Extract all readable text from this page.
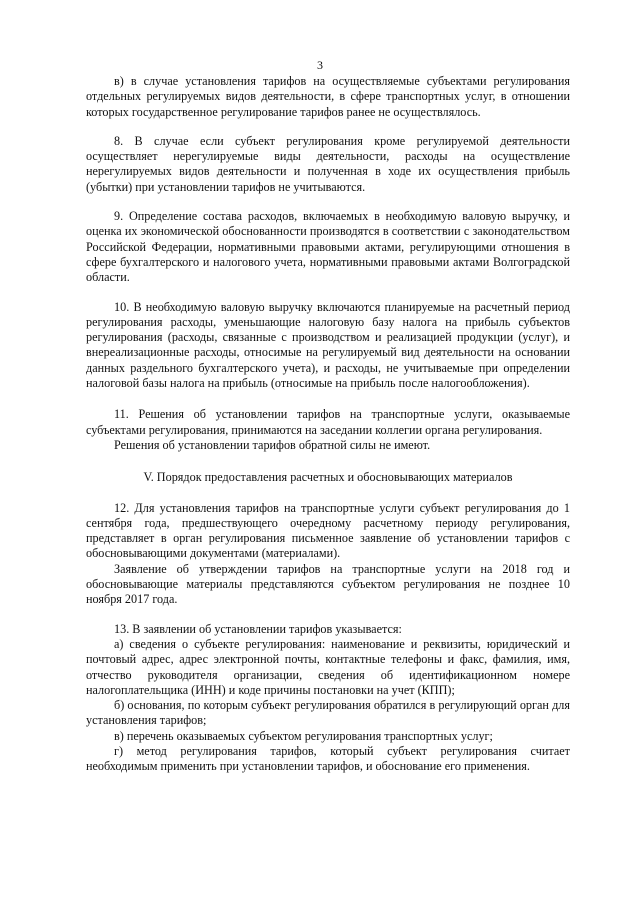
3

в) в случае установления тарифов на осуществляемые субъектами регулирования отдельных регулируемых видов деятельности, в сфере транспортных услуг, в отношении которых государственное регулирование тарифов ранее не осуществлялось.

8. В случае если субъект регулирования кроме регулируемой деятельности осуществляет нерегулируемые виды деятельности, расходы на осуществление нерегулируемых видов деятельности и полученная в ходе их осуществления прибыль (убытки) при установлении тарифов не учитываются.

9. Определение состава расходов, включаемых в необходимую валовую выручку, и оценка их экономической обоснованности производятся в соответствии с законодательством Российской Федерации, нормативными правовыми актами, регулирующими отношения в сфере бухгалтерского и налогового учета, нормативными правовыми актами Волгоградской области.

10. В необходимую валовую выручку включаются планируемые на расчетный период регулирования расходы, уменьшающие налоговую базу налога на прибыль субъектов регулирования (расходы, связанные с производством и реализацией продукции (услуг), и внереализационные расходы, относимые на регулируемый вид деятельности на основании данных раздельного бухгалтерского учета), и расходы, не учитываемые при определении налоговой базы налога на прибыль (относимые на прибыль после налогообложения).

11. Решения об установлении тарифов на транспортные услуги, оказываемые субъектами регулирования, принимаются на заседании коллегии органа регулирования.

Решения об установлении тарифов обратной силы не имеют.

V. Порядок предоставления расчетных и обосновывающих материалов

12. Для установления тарифов на транспортные услуги субъект регулирования до 1 сентября года, предшествующего очередному расчетному периоду регулирования, представляет в орган регулирования письменное заявление об установлении тарифов с обосновывающими документами (материалами).

Заявление об утверждении тарифов на транспортные услуги на 2018 год и обосновывающие материалы представляются субъектом регулирования не позднее 10 ноября 2017 года.

13. В заявлении об установлении тарифов указывается:

а) сведения о субъекте регулирования: наименование и реквизиты, юридический и почтовый адрес, адрес электронной почты, контактные телефоны и факс, фамилия, имя, отчество руководителя организации, сведения об идентификационном номере налогоплательщика (ИНН) и коде причины постановки на учет (КПП);

б) основания, по которым субъект регулирования обратился в регулирующий орган для установления тарифов;

в) перечень оказываемых субъектом регулирования транспортных услуг;

г) метод регулирования тарифов, который субъект регулирования считает необходимым применить при установлении тарифов, и обоснование его применения.
